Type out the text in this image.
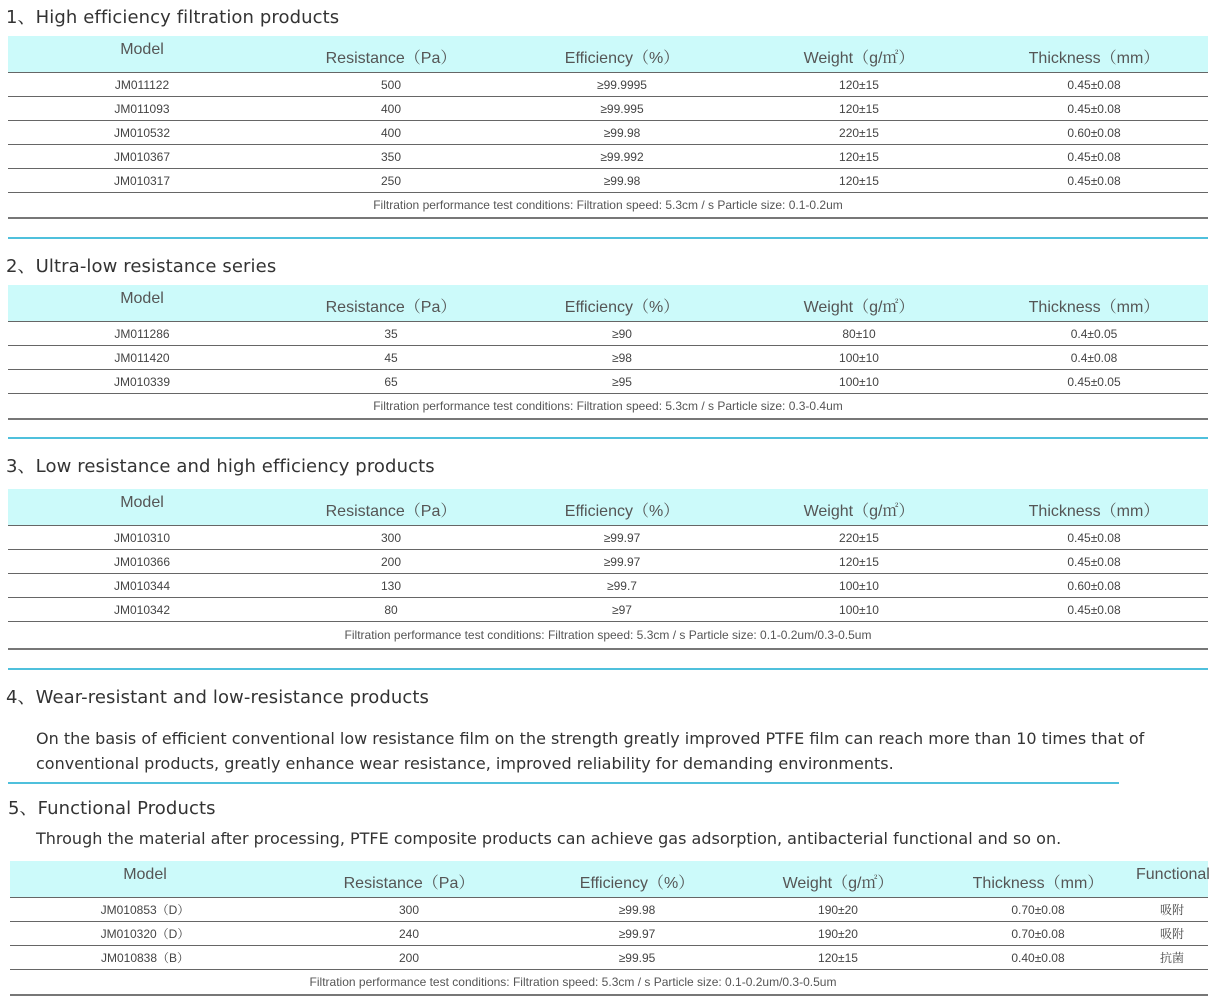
1、High efficiency filtration products
Model	Resistance（Pa）	Efficiency（%）	Weight（g/㎡）	Thickness（mm）
JM011122	500	≥99.9995	120±15	0.45±0.08
JM011093	400	≥99.995	120±15	0.45±0.08
JM010532	400	≥99.98	220±15	0.60±0.08
JM010367	350	≥99.992	120±15	0.45±0.08
JM010317	250	≥99.98	120±15	0.45±0.08
Filtration performance test conditions: Filtration speed: 5.3cm / s Particle size: 0.1-0.2um				
2、Ultra-low resistance series
Model	Resistance（Pa）	Efficiency（%）	Weight（g/㎡）	Thickness（mm）
JM011286	35	≥90	80±10	0.4±0.05
JM011420	45	≥98	100±10	0.4±0.08
JM010339	65	≥95	100±10	0.45±0.05
Filtration performance test conditions: Filtration speed: 5.3cm / s Particle size: 0.3-0.4um				
3、Low resistance and high efficiency products
Model	Resistance（Pa）	Efficiency（%）	Weight（g/㎡）	Thickness（mm）
JM010310	300	≥99.97	220±15	0.45±0.08
JM010366	200	≥99.97	120±15	0.45±0.08
JM010344	130	≥99.7	100±10	0.60±0.08
JM010342	80	≥97	100±10	0.45±0.08
Filtration performance test conditions: Filtration speed: 5.3cm / s Particle size: 0.1-0.2um/0.3-0.5um				
4、Wear-resistant and low-resistance products

On the basis of efficient conventional low resistance film on the strength greatly improved PTFE film can reach more than 10 times that of conventional products, greatly enhance wear resistance, improved reliability for demanding environments.

5、Functional Products

Through the material after processing, PTFE composite products can achieve gas adsorption, antibacterial functional and so on.

Model	Resistance（Pa）	Efficiency（%）	Weight（g/㎡）	Thickness（mm）	Functional
JM010853（D）	300	≥99.98	190±20	0.70±0.08	吸附
JM010320（D）	240	≥99.97	190±20	0.70±0.08	吸附
JM010838（B）	200	≥99.95	120±15	0.40±0.08	抗菌
Filtration performance test conditions: Filtration speed: 5.3cm / s Particle size: 0.1-0.2um/0.3-0.5um					
